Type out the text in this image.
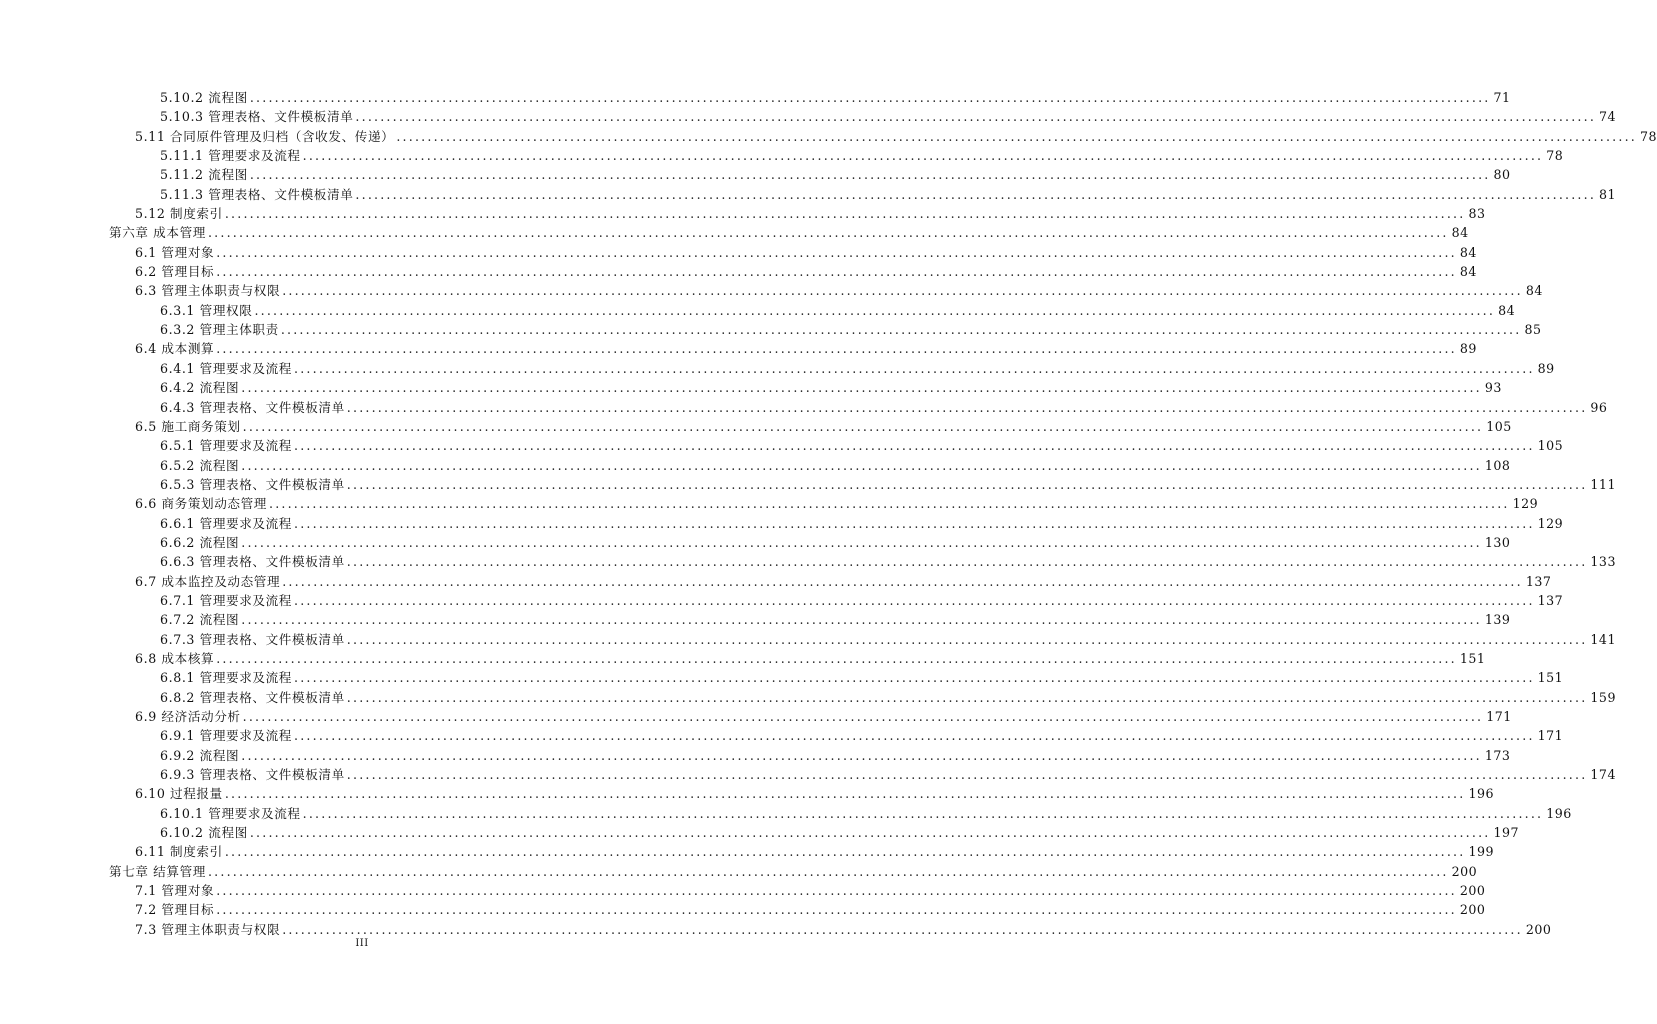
5.10.2 流程图 ........................................................................................................................................................................................................ 71
5.10.3 管理表格、文件模板清单 ........................................................................................................................................................................................................ 74
5.11 合同原件管理及归档（含收发、传递） ........................................................................................................................................................................................................ 78
5.11.1 管理要求及流程 ........................................................................................................................................................................................................ 78
5.11.2 流程图 ........................................................................................................................................................................................................ 80
5.11.3 管理表格、文件模板清单 ........................................................................................................................................................................................................ 81
5.12 制度索引 ........................................................................................................................................................................................................ 83
第六章 成本管理 ........................................................................................................................................................................................................ 84
6.1 管理对象 ........................................................................................................................................................................................................ 84
6.2 管理目标 ........................................................................................................................................................................................................ 84
6.3 管理主体职责与权限 ........................................................................................................................................................................................................ 84
6.3.1 管理权限 ........................................................................................................................................................................................................ 84
6.3.2 管理主体职责 ........................................................................................................................................................................................................ 85
6.4 成本测算 ........................................................................................................................................................................................................ 89
6.4.1 管理要求及流程 ........................................................................................................................................................................................................ 89
6.4.2 流程图 ........................................................................................................................................................................................................ 93
6.4.3 管理表格、文件模板清单 ........................................................................................................................................................................................................ 96
6.5 施工商务策划 ........................................................................................................................................................................................................ 105
6.5.1 管理要求及流程 ........................................................................................................................................................................................................ 105
6.5.2 流程图 ........................................................................................................................................................................................................ 108
6.5.3 管理表格、文件模板清单 ........................................................................................................................................................................................................ 111
6.6 商务策划动态管理 ........................................................................................................................................................................................................ 129
6.6.1 管理要求及流程 ........................................................................................................................................................................................................ 129
6.6.2 流程图 ........................................................................................................................................................................................................ 130
6.6.3 管理表格、文件模板清单 ........................................................................................................................................................................................................ 133
6.7 成本监控及动态管理 ........................................................................................................................................................................................................ 137
6.7.1 管理要求及流程 ........................................................................................................................................................................................................ 137
6.7.2 流程图 ........................................................................................................................................................................................................ 139
6.7.3 管理表格、文件模板清单 ........................................................................................................................................................................................................ 141
6.8 成本核算 ........................................................................................................................................................................................................ 151
6.8.1 管理要求及流程 ........................................................................................................................................................................................................ 151
6.8.2 管理表格、文件模板清单 ........................................................................................................................................................................................................ 159
6.9 经济活动分析 ........................................................................................................................................................................................................ 171
6.9.1 管理要求及流程 ........................................................................................................................................................................................................ 171
6.9.2 流程图 ........................................................................................................................................................................................................ 173
6.9.3 管理表格、文件模板清单 ........................................................................................................................................................................................................ 174
6.10 过程报量 ........................................................................................................................................................................................................ 196
6.10.1 管理要求及流程 ........................................................................................................................................................................................................ 196
6.10.2 流程图 ........................................................................................................................................................................................................ 197
6.11 制度索引 ........................................................................................................................................................................................................ 199
第七章 结算管理 ........................................................................................................................................................................................................ 200
7.1 管理对象 ........................................................................................................................................................................................................ 200
7.2 管理目标 ........................................................................................................................................................................................................ 200
7.3 管理主体职责与权限 ........................................................................................................................................................................................................ 200
III
